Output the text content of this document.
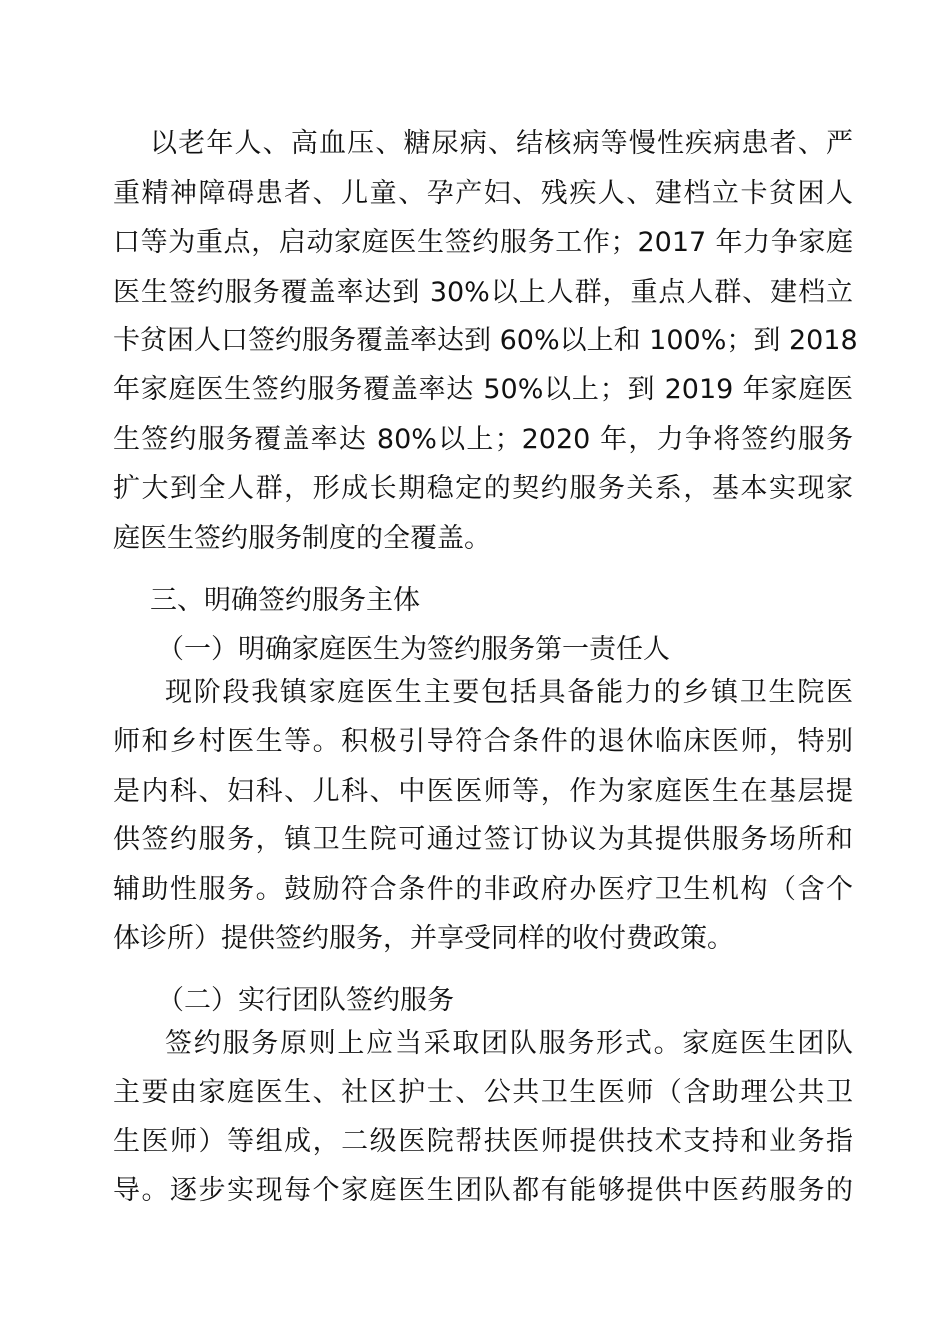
以老年人、高血压、糖尿病、结核病等慢性疾病患者、严

重精神障碍患者、儿童、孕产妇、残疾人、建档立卡贫困人

口等为重点，启动家庭医生签约服务工作；2017 年力争家庭

医生签约服务覆盖率达到 30%以上人群，重点人群、建档立

卡贫困人口签约服务覆盖率达到 60%以上和 100%；到 2018

年家庭医生签约服务覆盖率达 50%以上；到 2019 年家庭医

生签约服务覆盖率达 80%以上；2020 年，力争将签约服务

扩大到全人群，形成长期稳定的契约服务关系，基本实现家

庭医生签约服务制度的全覆盖。

三、明确签约服务主体

（一）明确家庭医生为签约服务第一责任人

现阶段我镇家庭医生主要包括具备能力的乡镇卫生院医

师和乡村医生等。积极引导符合条件的退休临床医师，特别

是内科、妇科、儿科、中医医师等，作为家庭医生在基层提

供签约服务，镇卫生院可通过签订协议为其提供服务场所和

辅助性服务。鼓励符合条件的非政府办医疗卫生机构（含个

体诊所）提供签约服务，并享受同样的收付费政策。

（二）实行团队签约服务

签约服务原则上应当采取团队服务形式。家庭医生团队

主要由家庭医生、社区护士、公共卫生医师（含助理公共卫

生医师）等组成，二级医院帮扶医师提供技术支持和业务指

导。逐步实现每个家庭医生团队都有能够提供中医药服务的
